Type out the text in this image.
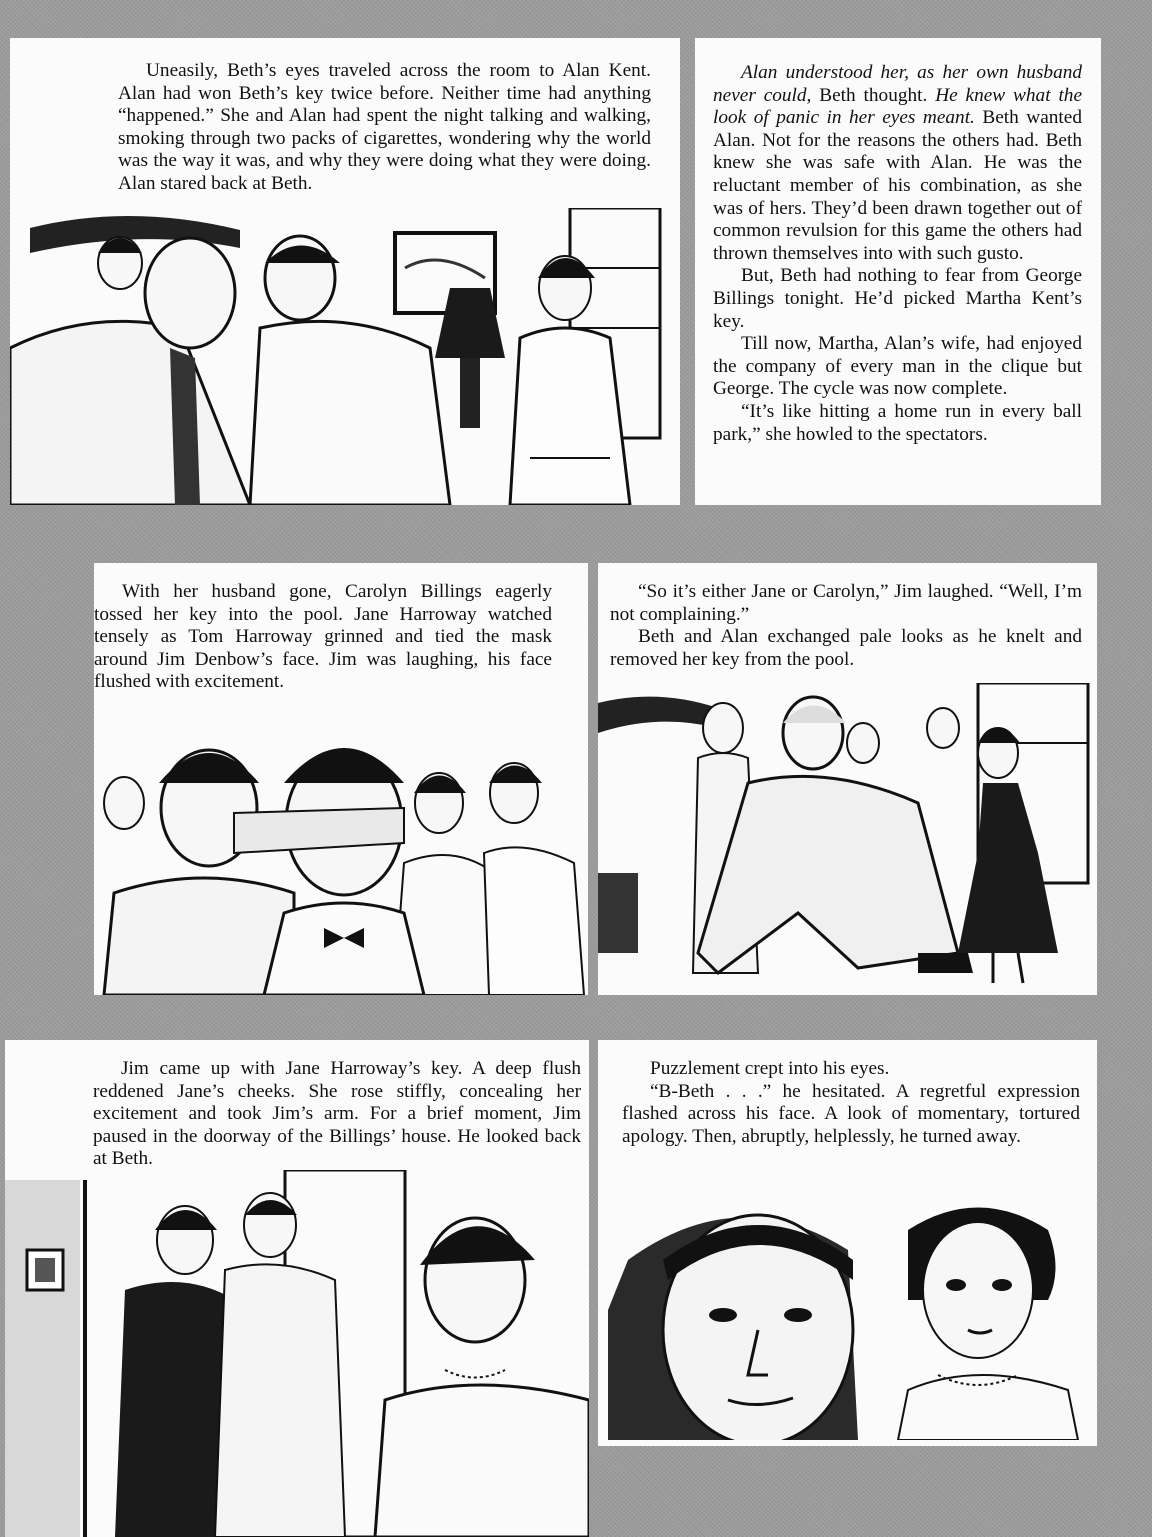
Uneasily, Beth’s eyes traveled across the room to Alan Kent. Alan had won Beth’s key twice before. Neither time had anything “happened.” She and Alan had spent the night talking and walking, smoking through two packs of cigarettes, wondering why the world was the way it was, and why they were doing what they were doing. Alan stared back at Beth.

Alan understood her, as her own husband never could, Beth thought. He knew what the look of panic in her eyes meant. Beth wanted Alan. Not for the reasons the others had. Beth knew she was safe with Alan. He was the reluctant member of his combination, as she was of hers. They’d been drawn together out of common revulsion for this game the others had thrown themselves into with such gusto.

But, Beth had nothing to fear from George Billings tonight. He’d picked Martha Kent’s key.

Till now, Martha, Alan’s wife, had enjoyed the company of every man in the clique but George. The cycle was now complete.

“It’s like hitting a home run in every ball park,” she howled to the spectators.

With her husband gone, Carolyn Billings eagerly tossed her key into the pool. Jane Harroway watched tensely as Tom Harroway grinned and tied the mask around Jim Denbow’s face. Jim was laughing, his face flushed with excitement.

“So it’s either Jane or Carolyn,” Jim laughed. “Well, I’m not complaining.”

Beth and Alan exchanged pale looks as he knelt and removed her key from the pool.

Jim came up with Jane Harroway’s key. A deep flush reddened Jane’s cheeks. She rose stiffly, concealing her excitement and took Jim’s arm. For a brief moment, Jim paused in the doorway of the Billings’ house. He looked back at Beth.

Puzzlement crept into his eyes.

“B-Beth . . .” he hesitated. A regretful expression flashed across his face. A look of momentary, tortured apology. Then, abruptly, helplessly, he turned away.
